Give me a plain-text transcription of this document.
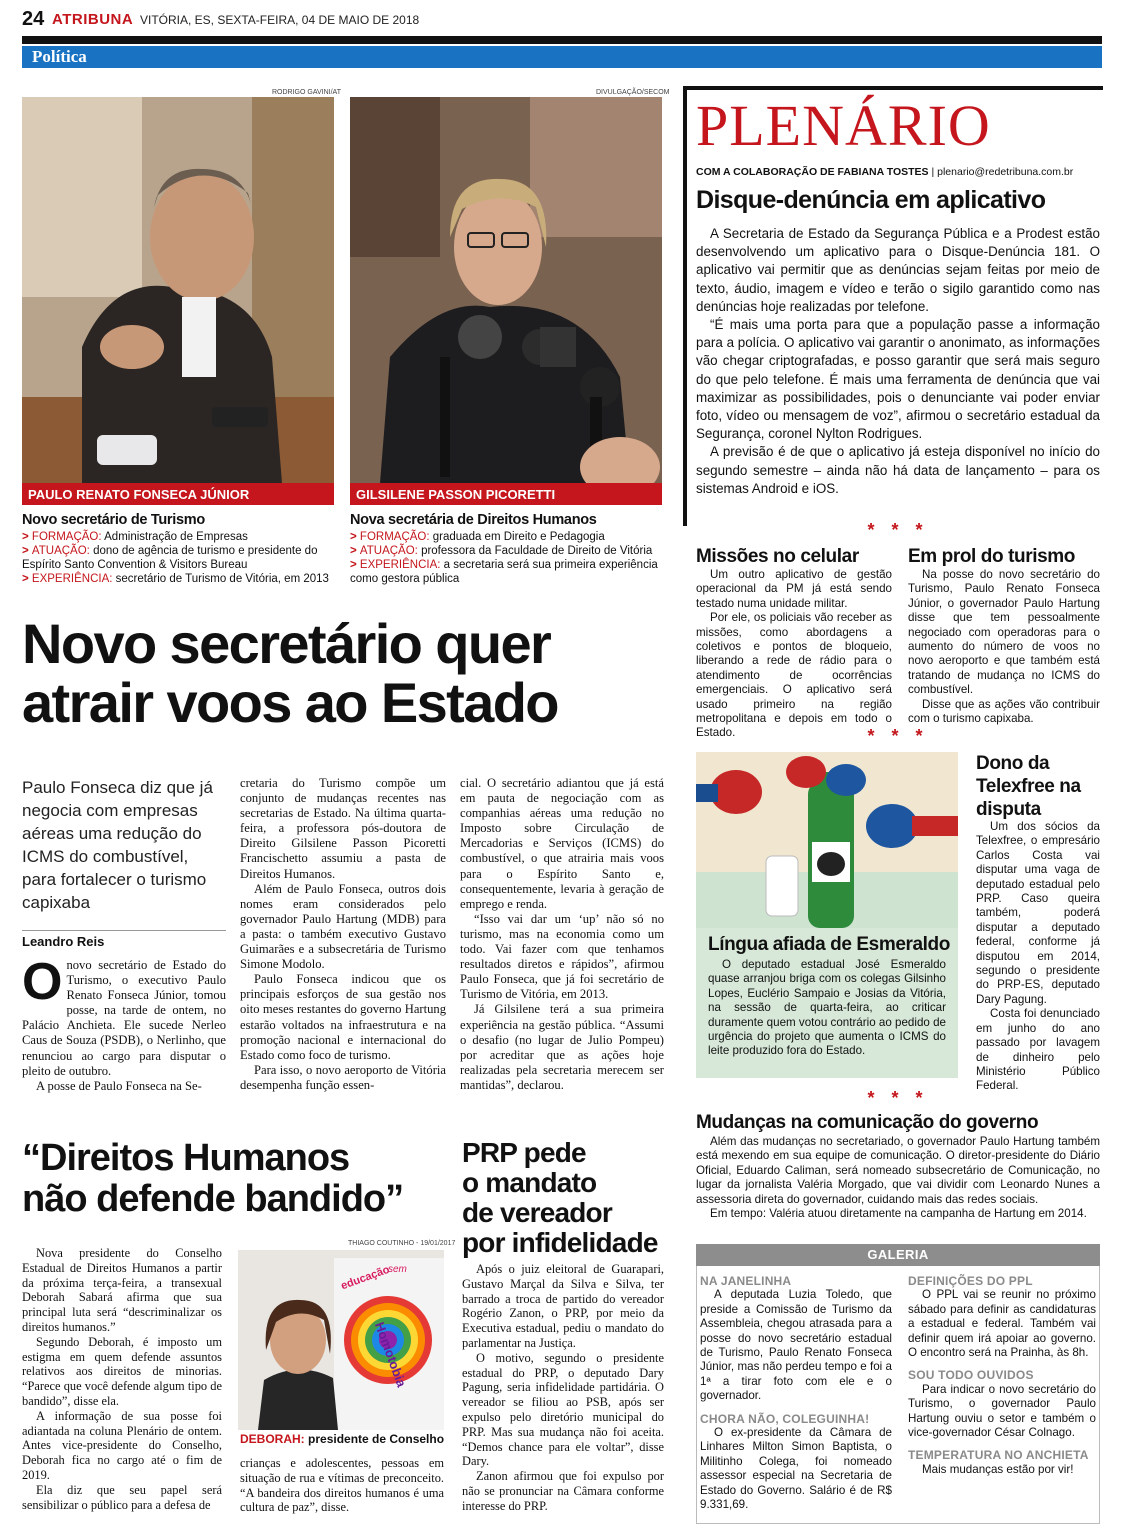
24 ATRIBUNA VITÓRIA, ES, SEXTA-FEIRA, 04 DE MAIO DE 2018
Política
RODRIGO GAVINI/AT
PAULO RENATO FONSECA JÚNIOR
Novo secretário de Turismo
> FORMAÇÃO: Administração de Empresas
> ATUAÇÃO: dono de agência de turismo e presidente do Espírito Santo Convention & Visitors Bureau
> EXPERIÊNCIA: secretário de Turismo de Vitória, em 2013
DIVULGAÇÃO/SECOM
GILSILENE PASSON PICORETTI
Nova secretária de Direitos Humanos
> FORMAÇÃO: graduada em Direito e Pedagogia
> ATUAÇÃO: professora da Faculdade de Direito de Vitória
> EXPERIÊNCIA: a secretaria será sua primeira experiência como gestora pública
Novo secretário quer
atrair voos ao Estado
Paulo Fonseca diz que já negocia com empresas aéreas uma redução do ICMS do combustível, para fortalecer o turismo capixaba
Leandro Reis
O novo secretário de Estado do Turismo, o executivo Paulo Renato Fonseca Júnior, tomou posse, na tarde de ontem, no Palácio Anchieta. Ele sucede Nerleo Caus de Souza (PSDB), o Nerlinho, que renunciou ao cargo para disputar o pleito de outubro.

A posse de Paulo Fonseca na Se-

cretaria do Turismo compõe um conjunto de mudanças recentes nas secretarias de Estado. Na última quarta-feira, a professora pós-doutora de Direito Gilsilene Passon Picoretti Francischetto assumiu a pasta de Direitos Humanos.

Além de Paulo Fonseca, outros dois nomes eram considerados pelo governador Paulo Hartung (MDB) para a pasta: o também executivo Gustavo Guimarães e a subsecretária de Turismo Simone Modolo.

Paulo Fonseca indicou que os principais esforços de sua gestão nos oito meses restantes do governo Hartung estarão voltados na infraestrutura e na promoção nacional e internacional do Estado como foco de turismo.

Para isso, o novo aeroporto de Vitória desempenha função essen-

cial. O secretário adiantou que já está em pauta de negociação com as companhias aéreas uma redução no Imposto sobre Circulação de Mercadorias e Serviços (ICMS) do combustível, o que atrairia mais voos para o Espírito Santo e, consequentemente, levaria à geração de emprego e renda.

“Isso vai dar um ‘up’ não só no turismo, mas na economia como um todo. Vai fazer com que tenhamos resultados diretos e rápidos”, afirmou Paulo Fonseca, que já foi secretário de Turismo de Vitória, em 2013.

Já Gilsilene terá a sua primeira experiência na gestão pública. “Assumi o desafio (no lugar de Julio Pompeu) por acreditar que as ações hoje realizadas pela secretaria merecem ser mantidas”, declarou.

“Direitos Humanos
não defende bandido”

Nova presidente do Conselho Estadual de Direitos Humanos a partir da próxima terça-feira, a transexual Deborah Sabará afirma que sua principal luta será “descriminalizar os direitos humanos.”

Segundo Deborah, é imposto um estigma em quem defende assuntos relativos aos direitos de minorias. “Parece que você defende algum tipo de bandido”, disse ela.

A informação de sua posse foi adiantada na coluna Plenário de ontem. Antes vice-presidente do Conselho, Deborah fica no cargo até o fim de 2019.

Ela diz que seu papel será sensibilizar o público para a defesa de

THIAGO COUTINHO - 19/01/2017
educação
sem
Homotobia
DEBORAH: presidente de Conselho

crianças e adolescentes, pessoas em situação de rua e vítimas de preconceito. “A bandeira dos direitos humanos é uma cultura de paz”, disse.

PRP pede
o mandato
de vereador
por infidelidade

Após o juiz eleitoral de Guarapari, Gustavo Marçal da Silva e Silva, ter barrado a troca de partido do vereador Rogério Zanon, o PRP, por meio da Executiva estadual, pediu o mandato do parlamentar na Justiça.

O motivo, segundo o presidente estadual do PRP, o deputado Dary Pagung, seria infidelidade partidária. O vereador se filiou ao PSB, após ser expulso pelo diretório municipal do PRP. Mas sua mudança não foi aceita. “Demos chance para ele voltar”, disse Dary.

Zanon afirmou que foi expulso por não se pronunciar na Câmara conforme interesse do PRP.

PLENÁRIO
COM A COLABORAÇÃO DE FABIANA TOSTES | plenario@redetribuna.com.br
Disque-denúncia em aplicativo

A Secretaria de Estado da Segurança Pública e a Prodest estão desenvolvendo um aplicativo para o Disque-Denúncia 181. O aplicativo vai permitir que as denúncias sejam feitas por meio de texto, áudio, imagem e vídeo e terão o sigilo garantido como nas denúncias hoje realizadas por telefone.

“É mais uma porta para que a população passe a informação para a polícia. O aplicativo vai garantir o anonimato, as informações vão chegar criptografadas, e posso garantir que será mais seguro do que pelo telefone. É mais uma ferramenta de denúncia que vai maximizar as possibilidades, pois o denunciante vai poder enviar foto, vídeo ou mensagem de voz”, afirmou o secretário estadual da Segurança, coronel Nylton Rodrigues.

A previsão é de que o aplicativo já esteja disponível no início do segundo semestre – ainda não há data de lançamento – para os sistemas Android e iOS.

* * *
Missões no celular

Um outro aplicativo de gestão operacional da PM já está sendo testado numa unidade militar.

Por ele, os policiais vão receber as missões, como abordagens a coletivos e pontos de bloqueio, liberando a rede de rádio para o atendimento de ocorrências emergenciais. O aplicativo será usado primeiro na região metropolitana e depois em todo o Estado.

Em prol do turismo

Na posse do novo secretário do Turismo, Paulo Renato Fonseca Júnior, o governador Paulo Hartung disse que tem pessoalmente negociado com operadoras para o aumento do número de voos no novo aeroporto e que também está tratando de mudança no ICMS do combustível.

Disse que as ações vão contribuir com o turismo capixaba.

* * *
Língua afiada de Esmeraldo

O deputado estadual José Esmeraldo quase arranjou briga com os colegas Gilsinho Lopes, Euclério Sampaio e Josias da Vitória, na sessão de quarta-feira, ao criticar duramente quem votou contrário ao pedido de urgência do projeto que aumenta o ICMS do leite produzido fora do Estado.

Dono da Telexfree na disputa

Um dos sócios da Telexfree, o empresário Carlos Costa vai disputar uma vaga de deputado estadual pelo PRP. Caso queira também, poderá disputar a deputado federal, conforme já disputou em 2014, segundo o presidente do PRP-ES, deputado Dary Pagung.

Costa foi denunciado em junho do ano passado por lavagem de dinheiro pelo Ministério Público Federal.

* * *
Mudanças na comunicação do governo

Além das mudanças no secretariado, o governador Paulo Hartung também está mexendo em sua equipe de comunicação. O diretor-presidente do Diário Oficial, Eduardo Caliman, será nomeado subsecretário de Comunicação, no lugar da jornalista Valéria Morgado, que vai dividir com Leonardo Nunes a assessoria direta do governador, cuidando mais das redes sociais.

Em tempo: Valéria atuou diretamente na campanha de Hartung em 2014.

GALERIA
NA JANELINHA

A deputada Luzia Toledo, que preside a Comissão de Turismo da Assembleia, chegou atrasada para a posse do novo secretário estadual de Turismo, Paulo Renato Fonseca Júnior, mas não perdeu tempo e foi a 1ª a tirar foto com ele e o governador.

CHORA NÃO, COLEGUINHA!

O ex-presidente da Câmara de Linhares Milton Simon Baptista, o Militinho Colega, foi nomeado assessor especial na Secretaria de Estado do Governo. Salário é de R$ 9.331,69.

DEFINIÇÕES DO PPL

O PPL vai se reunir no próximo sábado para definir as candidaturas a estadual e federal. Também vai definir quem irá apoiar ao governo. O encontro será na Prainha, às 8h.

SOU TODO OUVIDOS

Para indicar o novo secretário do Turismo, o governador Paulo Hartung ouviu o setor e também o vice-governador César Colnago.

TEMPERATURA NO ANCHIETA

Mais mudanças estão por vir!
